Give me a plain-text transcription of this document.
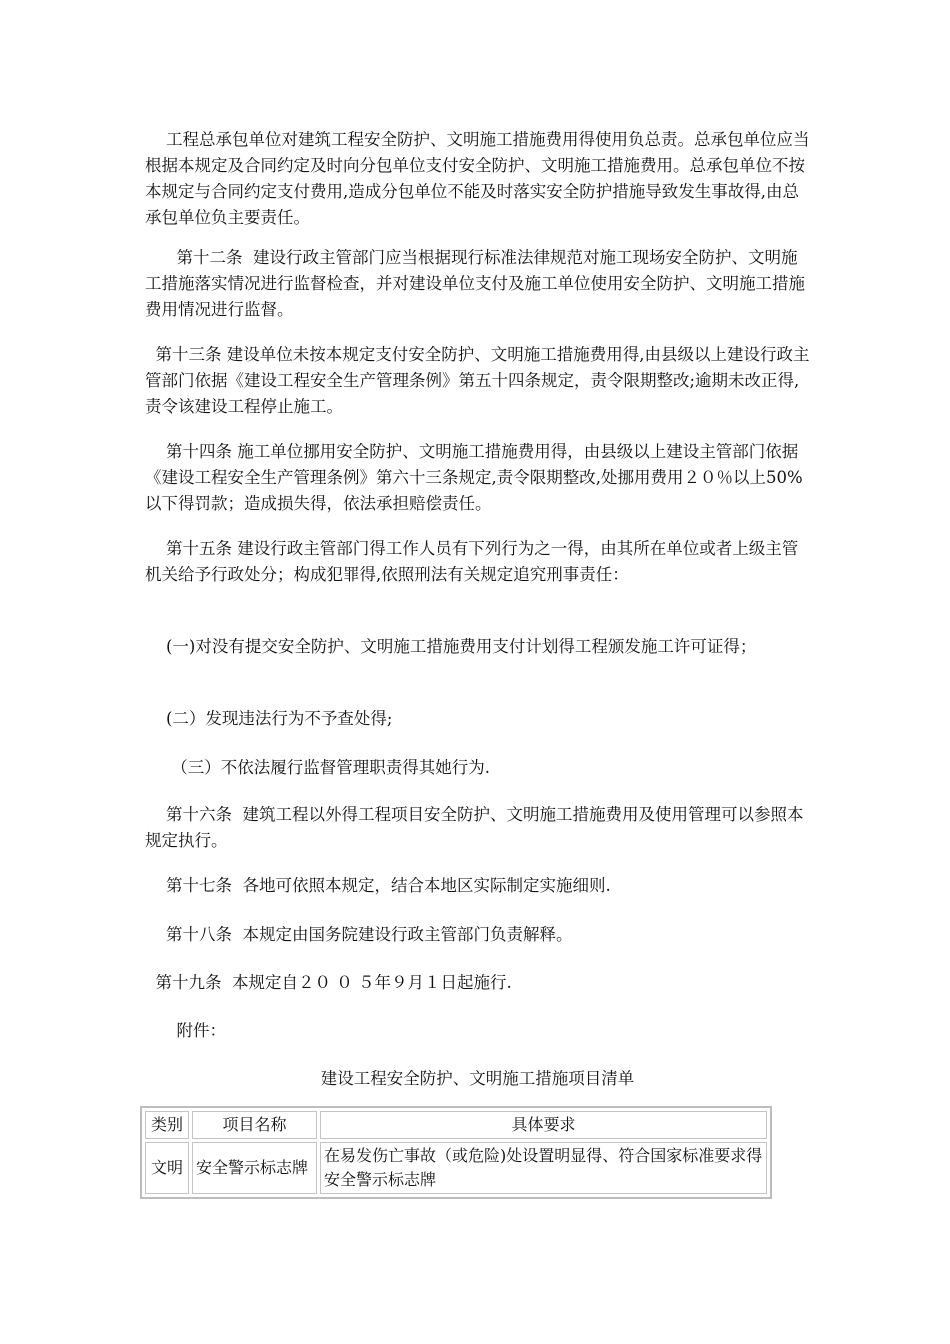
工程总承包单位对建筑工程安全防护、文明施工措施费用得使用负总责。总承包单位应当根据本规定及合同约定及时向分包单位支付安全防护、文明施工措施费用。总承包单位不按本规定与合同约定支付费用,造成分包单位不能及时落实安全防护措施导致发生事故得,由总承包单位负主要责任。

第十二条  建设行政主管部门应当根据现行标准法律规范对施工现场安全防护、文明施工措施落实情况进行监督检查，并对建设单位支付及施工单位使用安全防护、文明施工措施费用情况进行监督。

第十三条 建设单位未按本规定支付安全防护、文明施工措施费用得,由县级以上建设行政主管部门依据《建设工程安全生产管理条例》第五十四条规定，责令限期整改;逾期未改正得,责令该建设工程停止施工。

第十四条 施工单位挪用安全防护、文明施工措施费用得，由县级以上建设主管部门依据《建设工程安全生产管理条例》第六十三条规定,责令限期整改,处挪用费用２０％以上50%以下得罚款；造成损失得，依法承担赔偿责任。

第十五条 建设行政主管部门得工作人员有下列行为之一得，由其所在单位或者上级主管机关给予行政处分；构成犯罪得,依照刑法有关规定追究刑事责任：

(一)对没有提交安全防护、文明施工措施费用支付计划得工程颁发施工许可证得；

(二）发现违法行为不予查处得;

（三）不依法履行监督管理职责得其她行为.

第十六条  建筑工程以外得工程项目安全防护、文明施工措施费用及使用管理可以参照本规定执行。

第十七条  各地可依照本规定，结合本地区实际制定实施细则.

第十八条  本规定由国务院建设行政主管部门负责解释。

第十九条  本规定自２０ ０ ５年９月１日起施行.

附件：

建设工程安全防护、文明施工措施项目清单
类别	项目名称	具体要求
文明	安全警示标志牌	在易发伤亡事故（或危险)处设置明显得、符合国家标准要求得安全警示标志牌
